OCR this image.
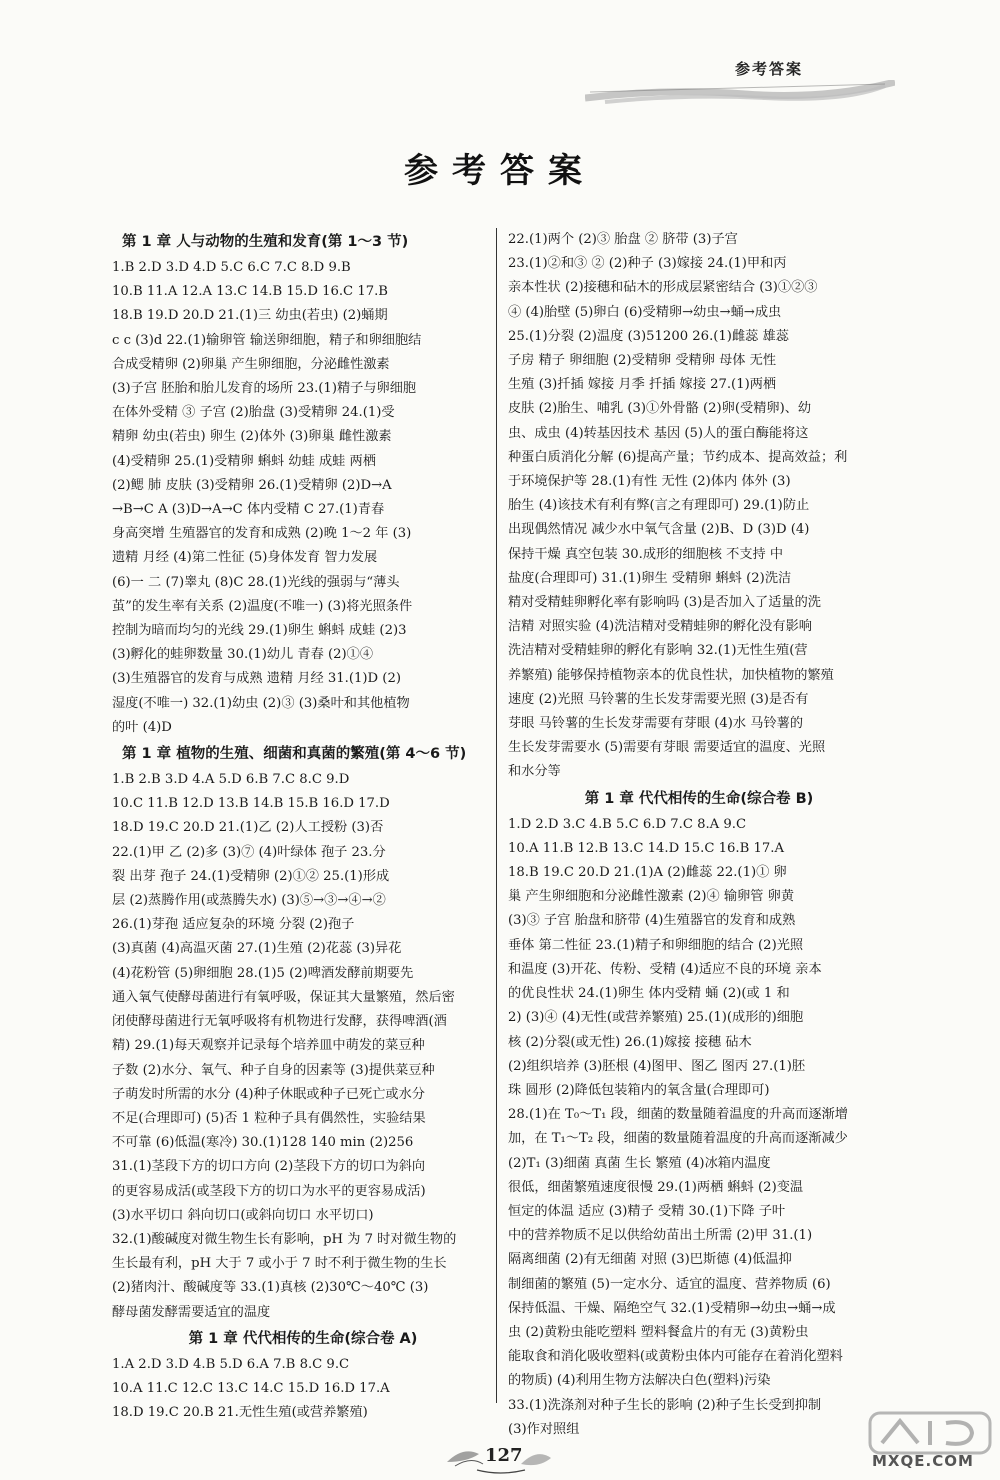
参考答案
参考答案
第 1 章 人与动物的生殖和发育(第 1～3 节)
1.B 2.D 3.D 4.D 5.C 6.C 7.C 8.D 9.B
10.B 11.A 12.A 13.C 14.B 15.D 16.C 17.B
18.B 19.D 20.D 21.(1)三 幼虫(若虫) (2)蛹期
c c (3)d 22.(1)输卵管 输送卵细胞，精子和卵细胞结
合成受精卵 (2)卵巢 产生卵细胞，分泌雌性激素
(3)子宫 胚胎和胎儿发育的场所 23.(1)精子与卵细胞
在体外受精 ③ 子宫 (2)胎盘 (3)受精卵 24.(1)受
精卵 幼虫(若虫) 卵生 (2)体外 (3)卵巢 雌性激素
(4)受精卵 25.(1)受精卵 蝌蚪 幼蛙 成蛙 两栖
(2)鳃 肺 皮肤 (3)受精卵 26.(1)受精卵 (2)D→A
→B→C A (3)D→A→C 体内受精 C 27.(1)青春
身高突增 生殖器官的发育和成熟 (2)晚 1～2 年 (3)
遗精 月经 (4)第二性征 (5)身体发育 智力发展
(6)一 二 (7)睾丸 (8)C 28.(1)光线的强弱与“薄头
茧”的发生率有关系 (2)温度(不唯一) (3)将光照条件
控制为暗而均匀的光线 29.(1)卵生 蝌蚪 成蛙 (2)3
(3)孵化的蛙卵数量 30.(1)幼儿 青春 (2)①④
(3)生殖器官的发育与成熟 遗精 月经 31.(1)D (2)
湿度(不唯一) 32.(1)幼虫 (2)③ (3)桑叶和其他植物
的叶 (4)D
第 1 章 植物的生殖、细菌和真菌的繁殖(第 4～6 节)
1.B 2.B 3.D 4.A 5.D 6.B 7.C 8.C 9.D
10.C 11.B 12.D 13.B 14.B 15.B 16.D 17.D
18.D 19.C 20.D 21.(1)乙 (2)人工授粉 (3)否
22.(1)甲 乙 (2)多 (3)⑦ (4)叶绿体 孢子 23.分
裂 出芽 孢子 24.(1)受精卵 (2)①② 25.(1)形成
层 (2)蒸腾作用(或蒸腾失水) (3)⑤→③→④→②
26.(1)芽孢 适应复杂的环境 分裂 (2)孢子
(3)真菌 (4)高温灭菌 27.(1)生殖 (2)花蕊 (3)异花
(4)花粉管 (5)卵细胞 28.(1)5 (2)啤酒发酵前期要先
通入氧气使酵母菌进行有氧呼吸，保证其大量繁殖，然后密
闭使酵母菌进行无氧呼吸将有机物进行发酵，获得啤酒(酒
精) 29.(1)每天观察并记录每个培养皿中萌发的菜豆种
子数 (2)水分、氧气、种子自身的因素等 (3)提供菜豆种
子萌发时所需的水分 (4)种子休眠或种子已死亡或水分
不足(合理即可) (5)否 1 粒种子具有偶然性，实验结果
不可靠 (6)低温(寒冷) 30.(1)128 140 min (2)256
31.(1)茎段下方的切口方向 (2)茎段下方的切口为斜向
的更容易成活(或茎段下方的切口为水平的更容易成活)
(3)水平切口 斜向切口(或斜向切口 水平切口)
32.(1)酸碱度对微生物生长有影响，pH 为 7 时对微生物的
生长最有利，pH 大于 7 或小于 7 时不利于微生物的生长
(2)猪肉汁、酸碱度等 33.(1)真核 (2)30℃～40℃ (3)
酵母菌发酵需要适宜的温度
第 1 章 代代相传的生命(综合卷 A)
1.A 2.D 3.D 4.B 5.D 6.A 7.B 8.C 9.C
10.A 11.C 12.C 13.C 14.C 15.D 16.D 17.A
18.D 19.C 20.B 21.无性生殖(或营养繁殖)
22.(1)两个 (2)③ 胎盘 ② 脐带 (3)子宫
23.(1)②和③ ② (2)种子 (3)嫁接 24.(1)甲和丙
亲本性状 (2)接穗和砧木的形成层紧密结合 (3)①②③
④ (4)胎壁 (5)卵白 (6)受精卵→幼虫→蛹→成虫
25.(1)分裂 (2)温度 (3)51200 26.(1)雌蕊 雄蕊
子房 精子 卵细胞 (2)受精卵 受精卵 母体 无性
生殖 (3)扦插 嫁接 月季 扦插 嫁接 27.(1)两栖
皮肤 (2)胎生、哺乳 (3)①外骨骼 (2)卵(受精卵)、幼
虫、成虫 (4)转基因技术 基因 (5)人的蛋白酶能将这
种蛋白质消化分解 (6)提高产量；节约成本、提高效益；利
于环境保护等 28.(1)有性 无性 (2)体内 体外 (3)
胎生 (4)该技术有利有弊(言之有理即可) 29.(1)防止
出现偶然情况 减少水中氧气含量 (2)B、D (3)D (4)
保持干燥 真空包装 30.成形的细胞核 不支持 中
盐度(合理即可) 31.(1)卵生 受精卵 蝌蚪 (2)洗洁
精对受精蛙卵孵化率有影响吗 (3)是否加入了适量的洗
洁精 对照实验 (4)洗洁精对受精蛙卵的孵化没有影响
洗洁精对受精蛙卵的孵化有影响 32.(1)无性生殖(营
养繁殖) 能够保持植物亲本的优良性状，加快植物的繁殖
速度 (2)光照 马铃薯的生长发芽需要光照 (3)是否有
芽眼 马铃薯的生长发芽需要有芽眼 (4)水 马铃薯的
生长发芽需要水 (5)需要有芽眼 需要适宜的温度、光照
和水分等
第 1 章 代代相传的生命(综合卷 B)
1.D 2.D 3.C 4.B 5.C 6.D 7.C 8.A 9.C
10.A 11.B 12.B 13.C 14.D 15.C 16.B 17.A
18.B 19.C 20.D 21.(1)A (2)雌蕊 22.(1)① 卵
巢 产生卵细胞和分泌雌性激素 (2)④ 输卵管 卵黄
(3)③ 子宫 胎盘和脐带 (4)生殖器官的发育和成熟
垂体 第二性征 23.(1)精子和卵细胞的结合 (2)光照
和温度 (3)开花、传粉、受精 (4)适应不良的环境 亲本
的优良性状 24.(1)卵生 体内受精 蛹 (2)(或 1 和
2) (3)④ (4)无性(或营养繁殖) 25.(1)(成形的)细胞
核 (2)分裂(或无性) 26.(1)嫁接 接穗 砧木
(2)组织培养 (3)胚根 (4)图甲、图乙 图丙 27.(1)胚
珠 圆形 (2)降低包装箱内的氧含量(合理即可)
28.(1)在 T₀～T₁ 段，细菌的数量随着温度的升高而逐渐增
加，在 T₁～T₂ 段，细菌的数量随着温度的升高而逐渐减少
(2)T₁ (3)细菌 真菌 生长 繁殖 (4)冰箱内温度
很低，细菌繁殖速度很慢 29.(1)两栖 蝌蚪 (2)变温
恒定的体温 适应 (3)精子 受精 30.(1)下降 子叶
中的营养物质不足以供给幼苗出土所需 (2)甲 31.(1)
隔离细菌 (2)有无细菌 对照 (3)巴斯德 (4)低温抑
制细菌的繁殖 (5)一定水分、适宜的温度、营养物质 (6)
保持低温、干燥、隔绝空气 32.(1)受精卵→幼虫→蛹→成
虫 (2)黄粉虫能吃塑料 塑料餐盒片的有无 (3)黄粉虫
能取食和消化吸收塑料(或黄粉虫体内可能存在着消化塑料
的物质) (4)利用生物方法解决白色(塑料)污染
33.(1)洗涤剂对种子生长的影响 (2)种子生长受到抑制
(3)作对照组
127	MXQE.COM
